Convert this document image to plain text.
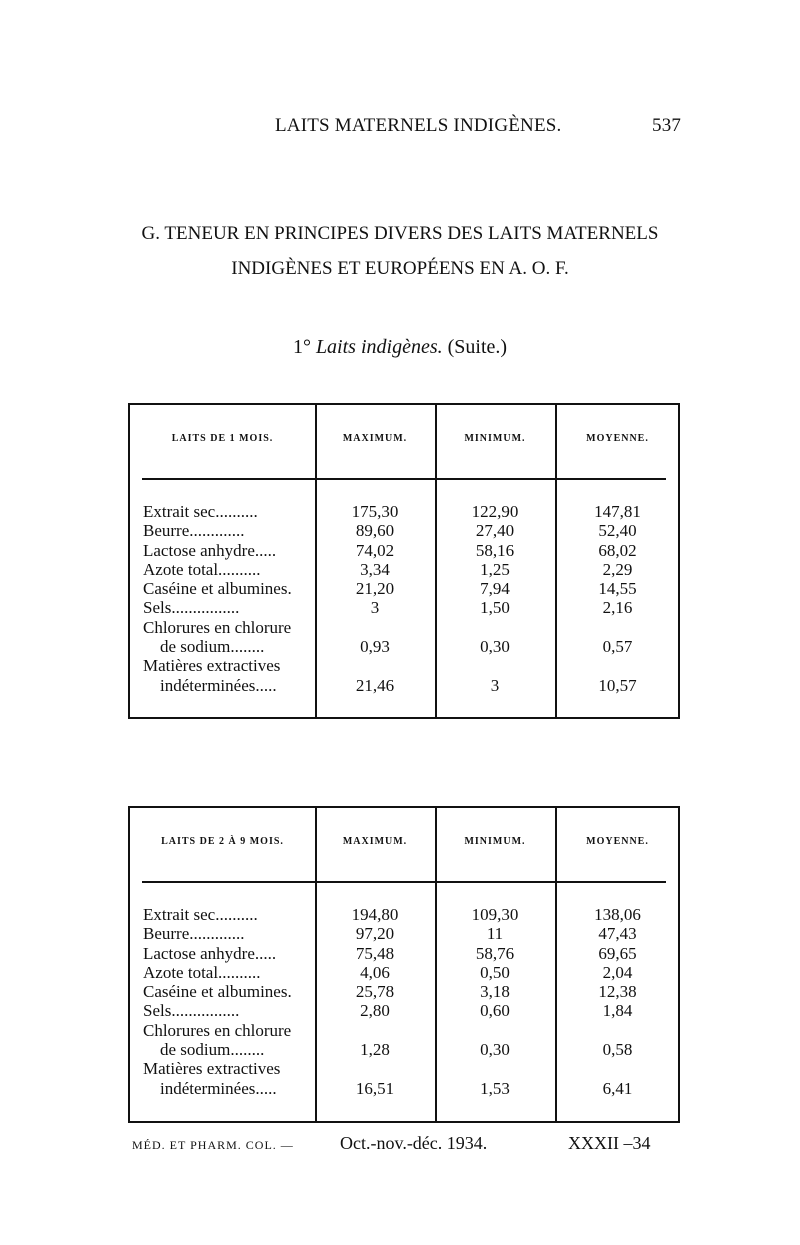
LAITS MATERNELS INDIGÈNES.	537
G. TENEUR EN PRINCIPES DIVERS DES LAITS MATERNELS
INDIGÈNES ET EUROPÉENS EN A. O. F.
1° Laits indigènes. (Suite.)
LAITS DE 1 MOIS.	MAXIMUM.	MINIMUM.	MOYENNE.
Extrait sec..........	175,30	122,90	147,81
Beurre.............	89,60	27,40	52,40
Lactose anhydre.....	74,02	58,16	68,02
Azote total..........	3,34	1,25	2,29
Caséine et albumines.	21,20	7,94	14,55
Sels................	3	1,50	2,16
Chlorures en chlorure
de sodium........	0,93	0,30	0,57
Matières extractives
indéterminées.....	21,46	3	10,57
LAITS DE 2 À 9 MOIS.	MAXIMUM.	MINIMUM.	MOYENNE.
Extrait sec..........	194,80	109,30	138,06
Beurre.............	97,20	11	47,43
Lactose anhydre.....	75,48	58,76	69,65
Azote total..........	4,06	0,50	2,04
Caséine et albumines.	25,78	3,18	12,38
Sels................	2,80	0,60	1,84
Chlorures en chlorure
de sodium........	1,28	0,30	0,58
Matières extractives
indéterminées.....	16,51	1,53	6,41
MÉD. ET PHARM. COL. —	Oct.-nov.-déc. 1934.	XXXII –34
